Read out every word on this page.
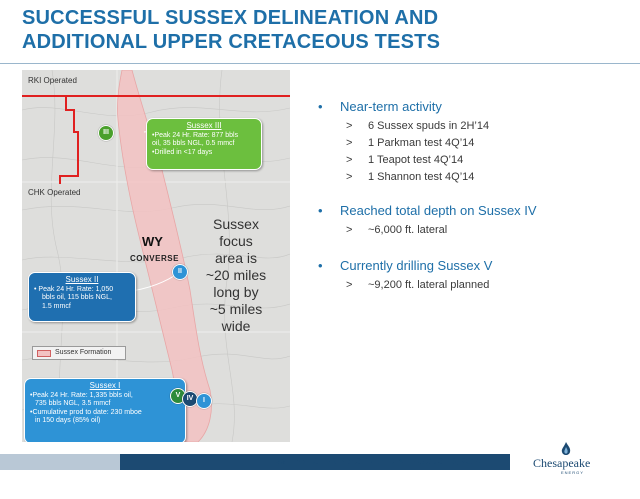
SUCCESSFUL SUSSEX DELINEATION AND
ADDITIONAL UPPER CRETACEOUS TESTS
RKI Operated
CHK Operated
WY
CONVERSE
Sussex
focus
area is
~20 miles
long by
~5 miles
wide
Sussex III
•Peak 24 Hr. Rate: 877 bbls
oil, 35 bbls NGL, 0.5 mmcf
•Drilled in <17 days
Sussex II
• Peak 24 Hr. Rate: 1,050
bbls oil, 115 bbls NGL,
1.5 mmcf
Sussex I
•Peak 24 Hr. Rate: 1,335 bbls oil,
735 bbls NGL, 3.5 mmcf
•Cumulative prod to date: 230 mboe
in 150 days (85% oil)
III
II
V IV	I
Sussex Formation
• Near-term activity
> 6 Sussex spuds in 2H’14
> 1 Parkman test 4Q’14
> 1 Teapot test 4Q’14
> 1 Shannon test 4Q’14
• Reached total depth on Sussex IV
> ~6,000 ft. lateral
• Currently drilling Sussex V
> ~9,200 ft. lateral planned
33 I INVESTOR PRESENTATION – AUGUST 6, 2014	Chesapeake
ENERGY
